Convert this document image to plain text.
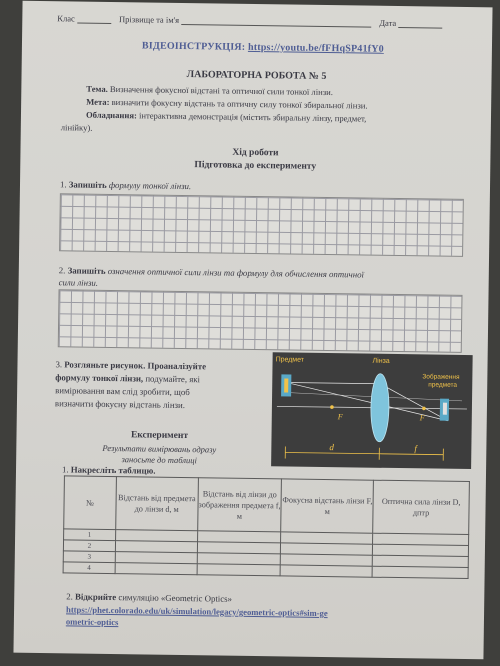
Клас	Прізвище та ім'я	Дата
ВІДЕОІНСТРУКЦІЯ: https://youtu.be/fFHqSP41fY0
ЛАБОРАТОРНА РОБОТА № 5
Тема. Визначення фокусної відстані та оптичної сили тонкої лінзи.
Мета: визначити фокусну відстань та оптичну силу тонкої збиральної лінзи.
Обладнання: інтерактивна демонстрація (містить збиральну лінзу, предмет,
лінійку).
Хід роботи
Підготовка до експерименту
1. Запишіть формулу тонкої лінзи.
2. Запишіть означення оптичної сили лінзи та формулу для обчислення оптичної
сили лінзи.
3. Розгляньте рисунок. Проаналізуйте
формулу тонкої лінзи, подумайте, які
вимірювання вам слід зробити, щоб
визначити фокусну відстань лінзи.
Предмет	Лінза
Зображення
предмета
F	F
d	f
Експеримент
Результати вимірювань одразу
заносьте до таблиці
1. Накресліть таблицю.
№	Відстань від предмета до лінзи d, м	Відстань від лінзи до зображення предмета f, м	Фокусна відстань лінзи F, м	Оптична сила лінзи D, дптр
1				
2				
3				
4				
2. Відкрийте симуляцію «Geometric Optics»
https://phet.colorado.edu/uk/simulation/legacy/geometric-optics#sim-ge
ometric-optics
